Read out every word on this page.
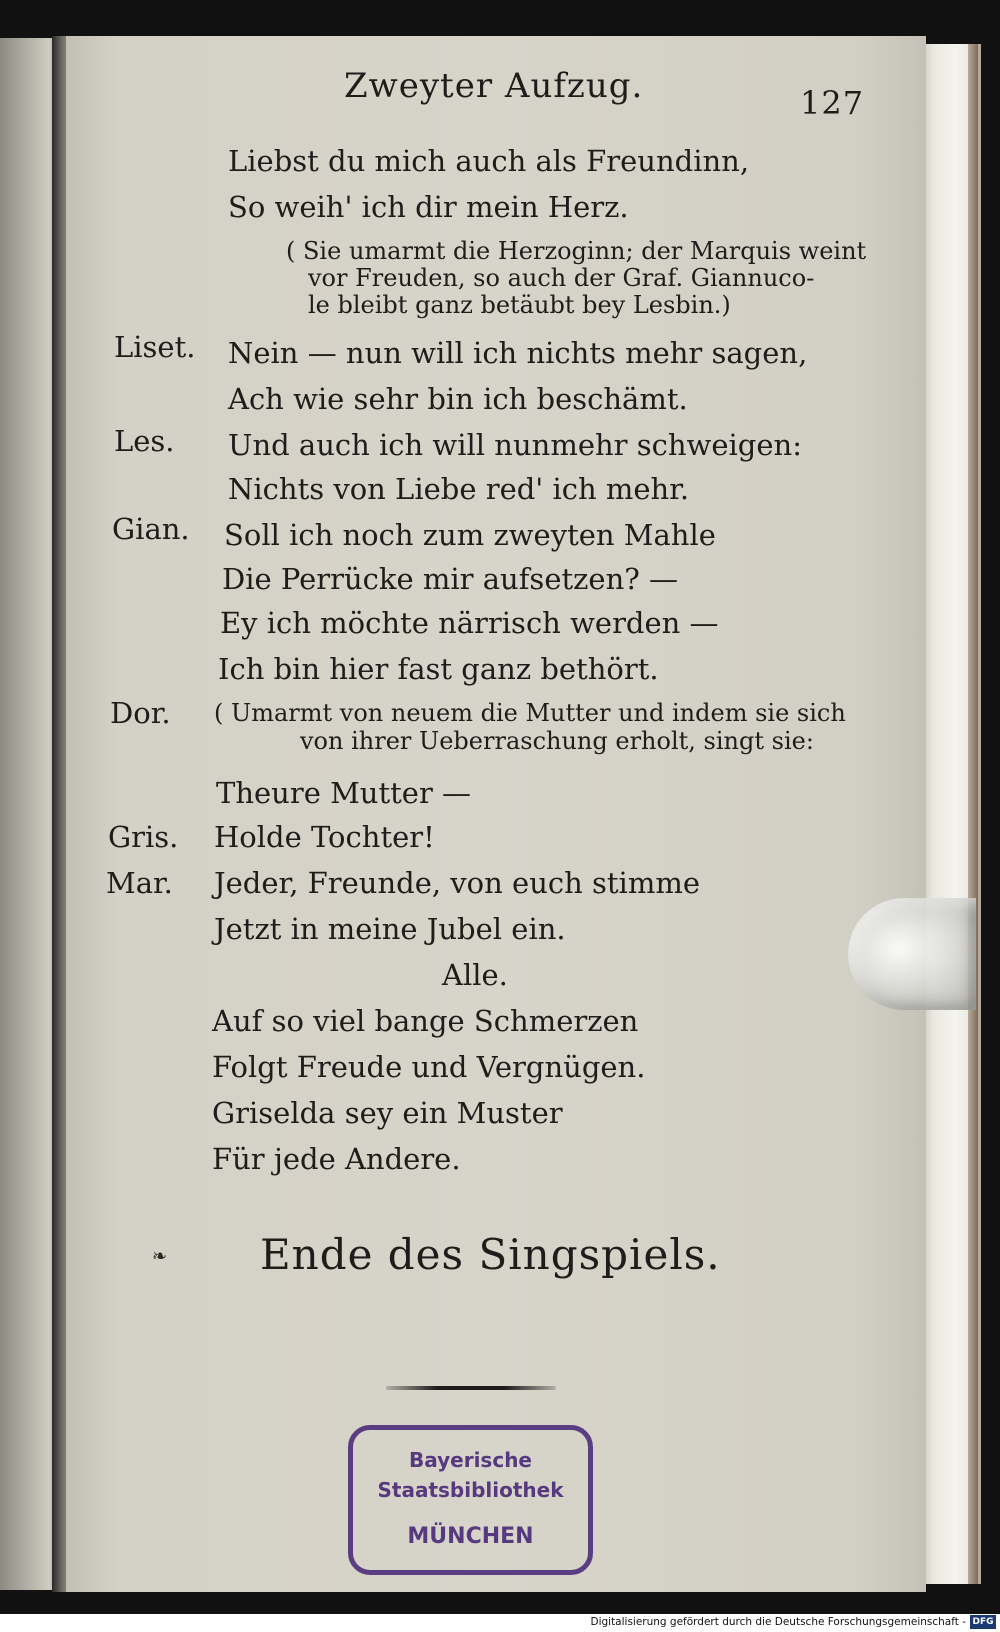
Zweyter Aufzug.	127
Liebst du mich auch als Freundinn,
So weih' ich dir mein Herz.
( Sie umarmt die Herzoginn; der Marquis weint
vor Freuden, so auch der Graf. Giannuco-
le bleibt ganz betäubt bey Lesbin.)
Liset. Nein — nun will ich nichts mehr sagen,
Ach wie sehr bin ich beschämt.
Les. Und auch ich will nunmehr schweigen:
Nichts von Liebe red' ich mehr.
Gian. Soll ich noch zum zweyten Mahle
Die Perrücke mir aufsetzen? —
Ey ich möchte närrisch werden —
Ich bin hier fast ganz bethört.
Dor. ( Umarmt von neuem die Mutter und indem sie sich
von ihrer Ueberraschung erholt, singt sie:
Theure Mutter —
Gris. Holde Tochter!
Mar. Jeder, Freunde, von euch stimme
Jetzt in meine Jubel ein.
Alle.
Auf so viel bange Schmerzen
Folgt Freude und Vergnügen.
Griselda sey ein Muster
Für jede Andere.
❧ Ende des Singspiels.
Bayerische
Staatsbibliothek
MÜNCHEN
Digitalisierung gefördert durch die Deutsche Forschungsgemeinschaft - DFG
